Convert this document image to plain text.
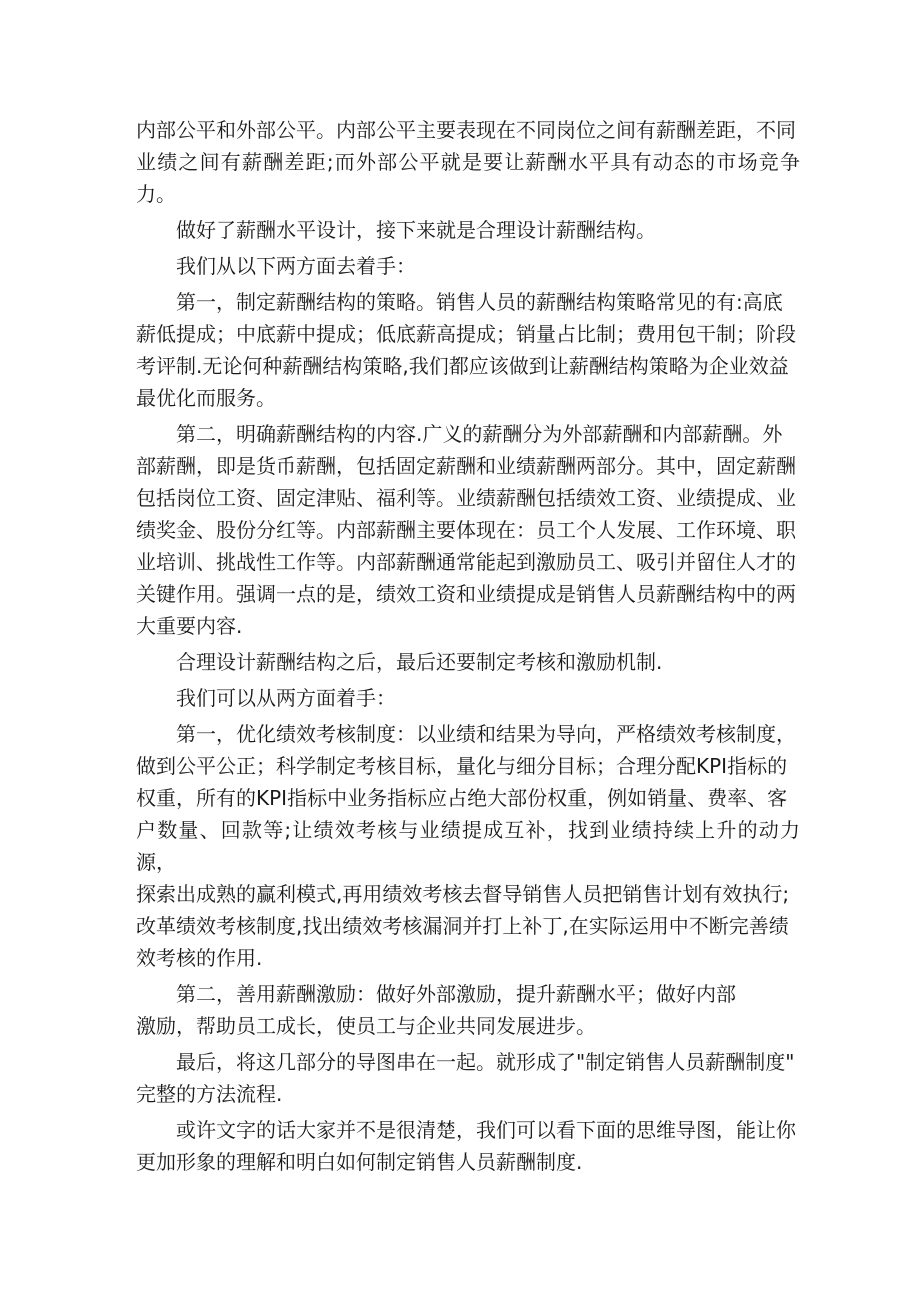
内部公平和外部公平。内部公平主要表现在不同岗位之间有薪酬差距，不同
业绩之间有薪酬差距;而外部公平就是要让薪酬水平具有动态的市场竞争力。
做好了薪酬水平设计，接下来就是合理设计薪酬结构。
我们从以下两方面去着手：
第一，制定薪酬结构的策略。销售人员的薪酬结构策略常见的有:高底
薪低提成；中底薪中提成；低底薪高提成；销量占比制；费用包干制；阶段
考评制.无论何种薪酬结构策略,我们都应该做到让薪酬结构策略为企业效益
最优化而服务。
第二，明确薪酬结构的内容.广义的薪酬分为外部薪酬和内部薪酬。外
部薪酬，即是货币薪酬，包括固定薪酬和业绩薪酬两部分。其中，固定薪酬
包括岗位工资、固定津贴、福利等。业绩薪酬包括绩效工资、业绩提成、业
绩奖金、股份分红等。内部薪酬主要体现在：员工个人发展、工作环境、职
业培训、挑战性工作等。内部薪酬通常能起到激励员工、吸引并留住人才的
关键作用。强调一点的是，绩效工资和业绩提成是销售人员薪酬结构中的两
大重要内容.
合理设计薪酬结构之后，最后还要制定考核和激励机制.
我们可以从两方面着手：
第一，优化绩效考核制度：以业绩和结果为导向，严格绩效考核制度，
做到公平公正；科学制定考核目标，量化与细分目标；合理分配KPI指标的
权重，所有的KPI指标中业务指标应占绝大部份权重，例如销量、费率、客
户数量、回款等;让绩效考核与业绩提成互补，找到业绩持续上升的动力源，
探索出成熟的赢利模式,再用绩效考核去督导销售人员把销售计划有效执行;
改革绩效考核制度,找出绩效考核漏洞并打上补丁,在实际运用中不断完善绩
效考核的作用.
第二，善用薪酬激励：做好外部激励，提升薪酬水平；做好内部
激励，帮助员工成长，使员工与企业共同发展进步。
最后，将这几部分的导图串在一起。就形成了"制定销售人员薪酬制度"
完整的方法流程.
或许文字的话大家并不是很清楚，我们可以看下面的思维导图，能让你
更加形象的理解和明白如何制定销售人员薪酬制度.
